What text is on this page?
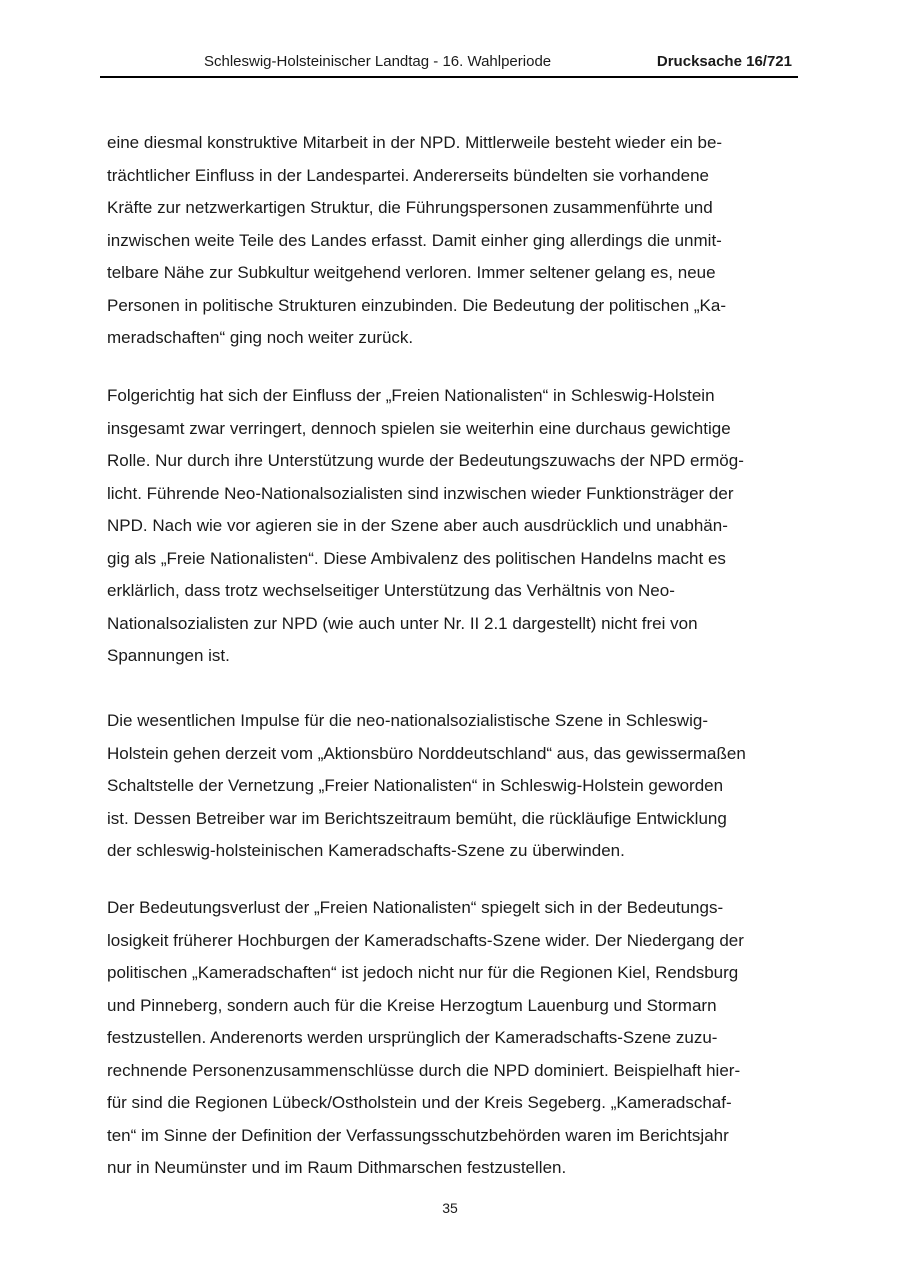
Schleswig-Holsteinischer Landtag - 16. Wahlperiode	Drucksache 16/721

eine diesmal konstruktive Mitarbeit in der NPD. Mittlerweile besteht wieder ein be-
trächtlicher Einfluss in der Landespartei. Andererseits bündelten sie vorhandene
Kräfte zur netzwerkartigen Struktur, die Führungspersonen zusammenführte und
inzwischen weite Teile des Landes erfasst. Damit einher ging allerdings die unmit-
telbare Nähe zur Subkultur weitgehend verloren. Immer seltener gelang es, neue
Personen in politische Strukturen einzubinden. Die Bedeutung der politischen „Ka-
meradschaften“ ging noch weiter zurück.

Folgerichtig hat sich der Einfluss der „Freien Nationalisten“ in Schleswig-Holstein
insgesamt zwar verringert, dennoch spielen sie weiterhin eine durchaus gewichtige
Rolle. Nur durch ihre Unterstützung wurde der Bedeutungszuwachs der NPD ermög-
licht. Führende Neo-Nationalsozialisten sind inzwischen wieder Funktionsträger der
NPD. Nach wie vor agieren sie in der Szene aber auch ausdrücklich und unabhän-
gig als „Freie Nationalisten“. Diese Ambivalenz des politischen Handelns macht es
erklärlich, dass trotz wechselseitiger Unterstützung das Verhältnis von Neo-
Nationalsozialisten zur NPD (wie auch unter Nr. II 2.1 dargestellt) nicht frei von
Spannungen ist.

Die wesentlichen Impulse für die neo-nationalsozialistische Szene in Schleswig-
Holstein gehen derzeit vom „Aktionsbüro Norddeutschland“ aus, das gewissermaßen
Schaltstelle der Vernetzung „Freier Nationalisten“ in Schleswig-Holstein geworden
ist. Dessen Betreiber war im Berichtszeitraum bemüht, die rückläufige Entwicklung
der schleswig-holsteinischen Kameradschafts-Szene zu überwinden.

Der Bedeutungsverlust der „Freien Nationalisten“ spiegelt sich in der Bedeutungs-
losigkeit früherer Hochburgen der Kameradschafts-Szene wider. Der Niedergang der
politischen „Kameradschaften“ ist jedoch nicht nur für die Regionen Kiel, Rendsburg
und Pinneberg, sondern auch für die Kreise Herzogtum Lauenburg und Stormarn
festzustellen. Anderenorts werden ursprünglich der Kameradschafts-Szene zuzu-
rechnende Personenzusammenschlüsse durch die NPD dominiert. Beispielhaft hier-
für sind die Regionen Lübeck/Ostholstein und der Kreis Segeberg. „Kameradschaf-
ten“ im Sinne der Definition der Verfassungsschutzbehörden waren im Berichtsjahr
nur in Neumünster und im Raum Dithmarschen festzustellen.

35
